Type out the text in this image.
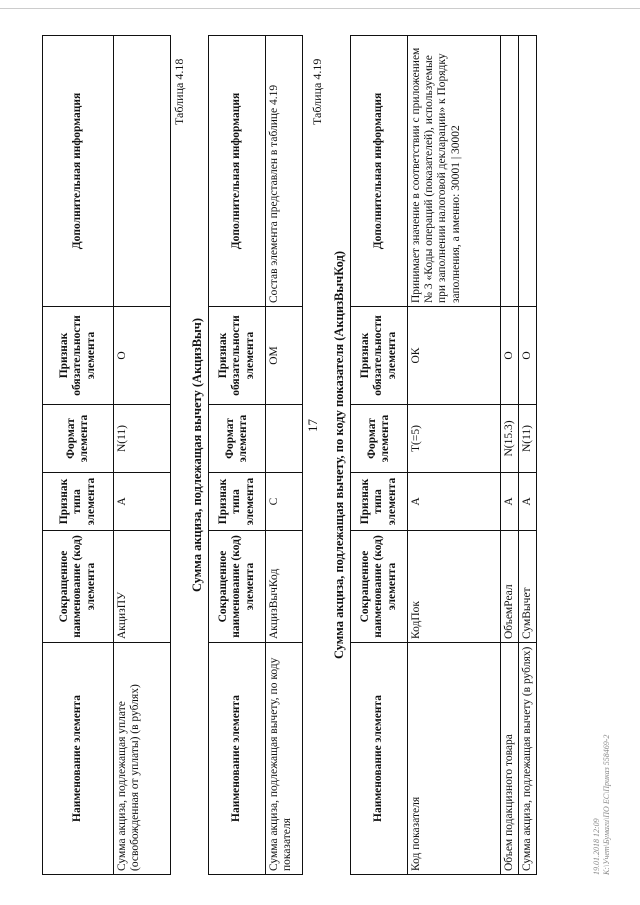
17
Наименование элемента	Сокращенное наименование (код) элемента	Признак типа элемента	Формат элемента	Признак обязательности элемента	Дополнительная информация
Сумма акциза, подлежащая уплате (освобожденная от уплаты) (в рублях)	АкцизПУ	А	N(11)	О	
Таблица 4.18
Сумма акциза, подлежащая вычету (АкцизВыч)
Наименование элемента	Сокращенное наименование (код) элемента	Признак типа элемента	Формат элемента	Признак обязательности элемента	Дополнительная информация
Сумма акциза, подлежащая вычету, по коду показателя	АкцизВычКод	С		ОМ	Состав элемента представлен в таблице 4.19	Таблица 4.19
Сумма акциза, подлежащая вычету, по коду показателя (АкцизВычКод)
Наименование элемента	Сокращенное наименование (код) элемента	Признак типа элемента	Формат элемента	Признак обязательности элемента	Дополнительная информация
Код показателя	КодПок	А	T(=5)	ОК	Принимает значение в соответствии с приложением № 3 «Коды операций (показателей), используемые при заполнении налоговой декларации» к Порядку заполнения, а именно: 30001 | 30002
Объем подакцизного товара	ОбъемРеал	А	N(15.3)	О	
Сумма акциза, подлежащая вычету (в рублях)	СумВычет	А	N(11)	О	
19.01.2018 12:09 К:\Учет\Бумаги\ПО ЕС\Приказ 558469-2
